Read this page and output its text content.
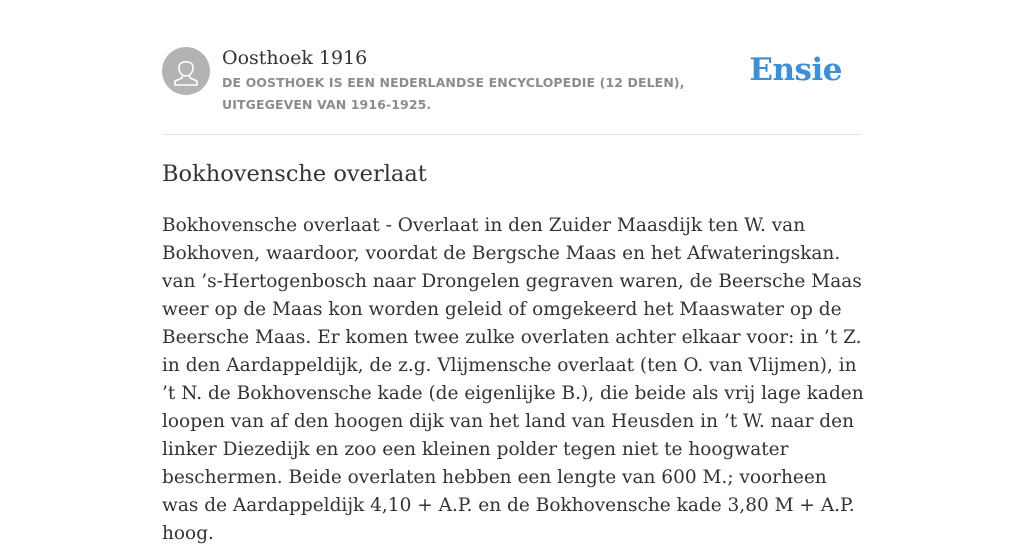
Oosthoek 1916
DE OOSTHOEK IS EEN NEDERLANDSE ENCYCLOPEDIE (12 DELEN), UITGEGEVEN VAN 1916-1925.
Ensie
Bokhovensche overlaat

Bokhovensche overlaat - Overlaat in den Zuider Maasdijk ten W. van Bokhoven, waardoor, voordat de Bergsche Maas en het Afwateringskan. van ’s-Hertogenbosch naar Drongelen gegraven waren, de Beersche Maas weer op de Maas kon worden geleid of omgekeerd het Maaswater op de Beersche Maas. Er komen twee zulke overlaten achter elkaar voor: in ’t Z. in den Aardappeldijk, de z.g. Vlijmensche overlaat (ten O. van Vlijmen), in ’t N. de Bokhovensche kade (de eigenlijke B.), die beide als vrij lage kaden loopen van af den hoogen dijk van het land van Heusden in ’t W. naar den linker Diezedijk en zoo een kleinen polder tegen niet te hoogwater beschermen. Beide overlaten hebben een lengte van 600 M.; voorheen was de Aardappeldijk 4,10 + A.P. en de Bokhovensche kade 3,80 M + A.P. hoog.
